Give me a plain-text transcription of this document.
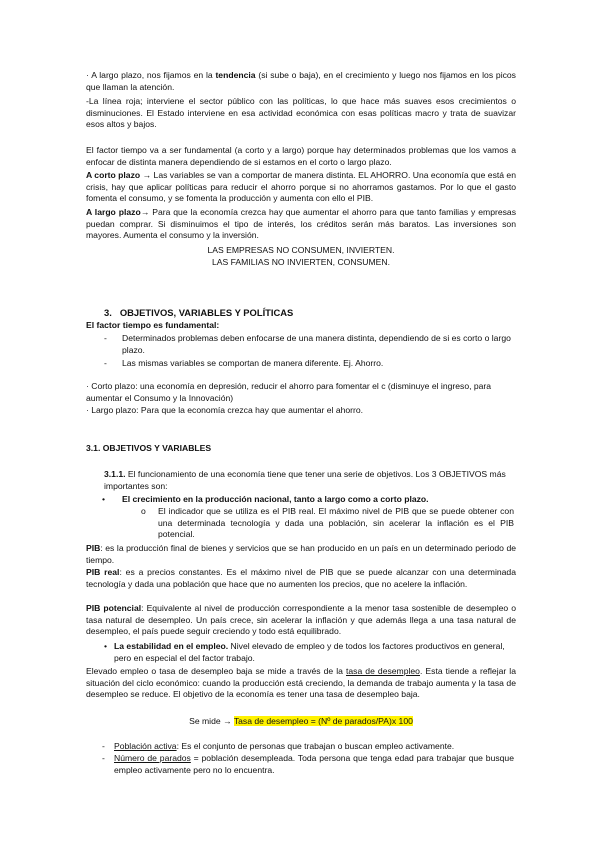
· A largo plazo, nos fijamos en la tendencia (si sube o baja), en el crecimiento y luego nos fijamos en los picos que llaman la atención.

-La línea roja; interviene el sector público con las políticas, lo que hace más suaves esos crecimientos o disminuciones. El Estado interviene en esa actividad económica con esas políticas macro y trata de suavizar esos altos y bajos.

El factor tiempo va a ser fundamental (a corto y a largo) porque hay determinados problemas que los vamos a enfocar de distinta manera dependiendo de si estamos en el corto o largo plazo.

A corto plazo → Las variables se van a comportar de manera distinta. EL AHORRO. Una economía que está en crisis, hay que aplicar políticas para reducir el ahorro porque si no ahorramos gastamos. Por lo que el gasto fomenta el consumo, y se fomenta la producción y aumenta con ello el PIB.

A largo plazo→ Para que la economía crezca hay que aumentar el ahorro para que tanto familias y empresas puedan comprar. Si disminuimos el tipo de interés, los créditos serán más baratos. Las inversiones son mayores. Aumenta el consumo y la inversión.

LAS EMPRESAS NO CONSUMEN, INVIERTEN.

LAS FAMILIAS NO INVIERTEN, CONSUMEN.

3. OBJETIVOS, VARIABLES Y POLÍTICAS

El factor tiempo es fundamental:

-	Determinados problemas deben enfocarse de una manera distinta, dependiendo de si es corto o largo plazo.

-	Las mismas variables se comportan de manera diferente. Ej. Ahorro.

· Corto plazo: una economía en depresión, reducir el ahorro para fomentar el c (disminuye el ingreso, para aumentar el Consumo y la Innovación)

· Largo plazo: Para que la economía crezca hay que aumentar el ahorro.

3.1. OBJETIVOS Y VARIABLES

3.1.1. El funcionamiento de una economía tiene que tener una serie de objetivos. Los 3 OBJETIVOS más importantes son:

•	El crecimiento en la producción nacional, tanto a largo como a corto plazo.

o	El indicador que se utiliza es el PIB real. El máximo nivel de PIB que se puede obtener con una determinada tecnología y dada una población, sin acelerar la inflación es el PIB potencial.

PIB: es la producción final de bienes y servicios que se han producido en un país en un determinado periodo de tiempo.

PIB real: es a precios constantes. Es el máximo nivel de PIB que se puede alcanzar con una determinada tecnología y dada una población que hace que no aumenten los precios, que no acelere la inflación.

PIB potencial: Equivalente al nivel de producción correspondiente a la menor tasa sostenible de desempleo o tasa natural de desempleo. Un país crece, sin acelerar la inflación y que además llega a una tasa natural de desempleo, el país puede seguir creciendo y todo está equilibrado.

• La estabilidad en el empleo. Nivel elevado de empleo y de todos los factores productivos en general, pero en especial el del factor trabajo.

Elevado empleo o tasa de desempleo baja se mide a través de la tasa de desempleo. Esta tiende a reflejar la situación del ciclo económico: cuando la producción está creciendo, la demanda de trabajo aumenta y la tasa de desempleo se reduce. El objetivo de la economía es tener una tasa de desempleo baja.

Se mide → Tasa de desempleo = (Nº de parados/PA)x 100

-	Población activa: Es el conjunto de personas que trabajan o buscan empleo activamente.

-	Número de parados = población desempleada. Toda persona que tenga edad para trabajar que busque empleo activamente pero no lo encuentra.
